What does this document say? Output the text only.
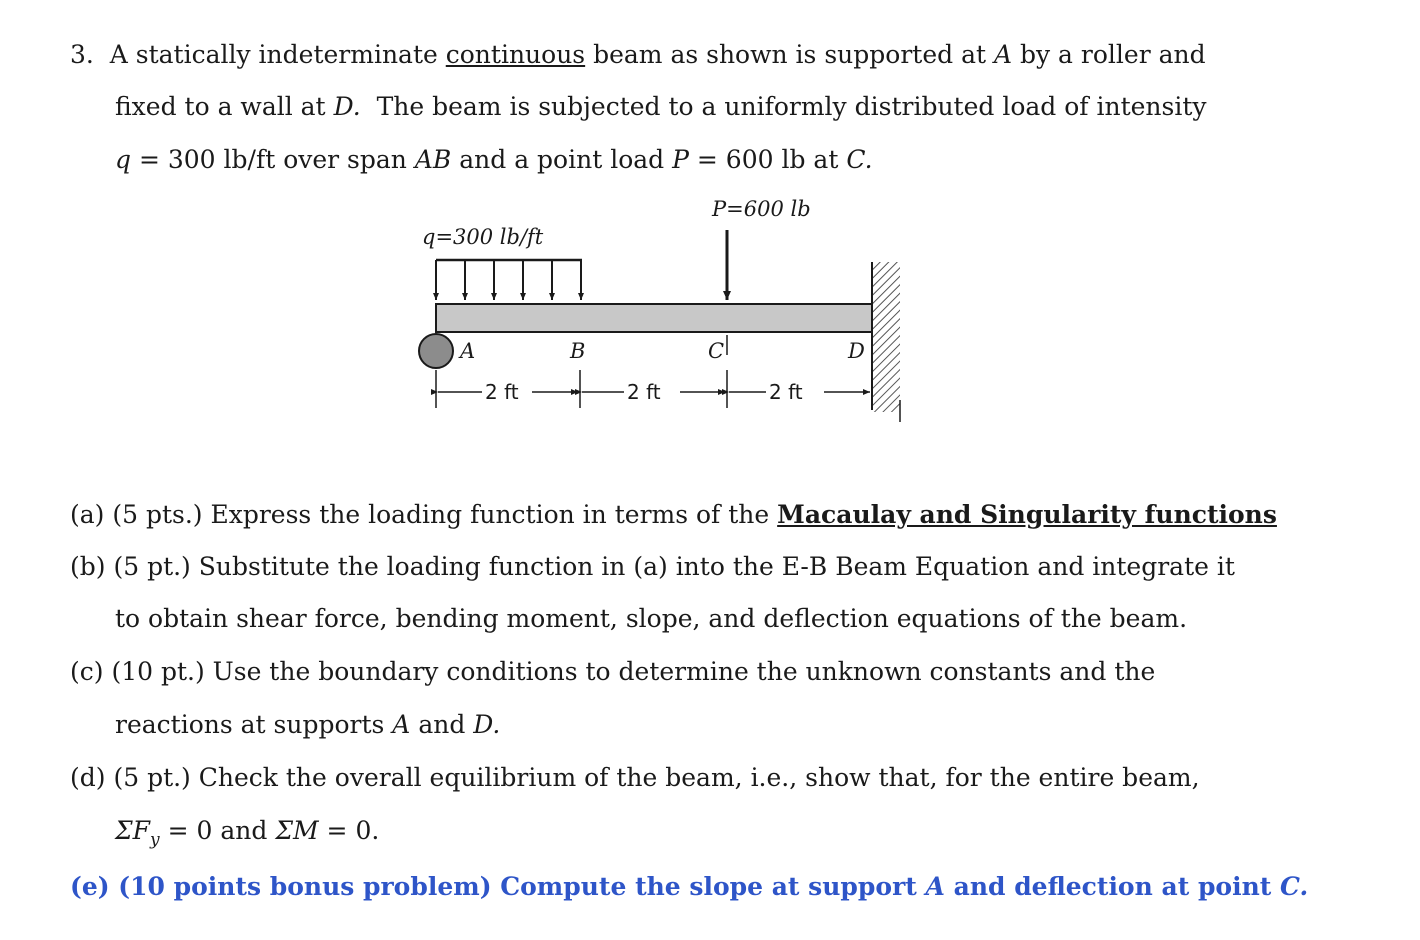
3. A statically indeterminate continuous beam as shown is supported at A by a roller and
fixed to a wall at D. The beam is subjected to a uniformly distributed load of intensity
q = 300 lb/ft over span AB and a point load P = 600 lb at C.
P=600 lb
q=300 lb/ft
A	B	C	D
2 ft	2 ft	2 ft
(a) (5 pts.) Express the loading function in terms of the Macaulay and Singularity functions
(b) (5 pt.) Substitute the loading function in (a) into the E-B Beam Equation and integrate it
to obtain shear force, bending moment, slope, and deflection equations of the beam.
(c) (10 pt.) Use the boundary conditions to determine the unknown constants and the
reactions at supports A and D.
(d) (5 pt.) Check the overall equilibrium of the beam, i.e., show that, for the entire beam,
$\Sigma F_y = 0$ and ΣM = 0.
(e) (10 points bonus problem) Compute the slope at support A and deflection at point C.
